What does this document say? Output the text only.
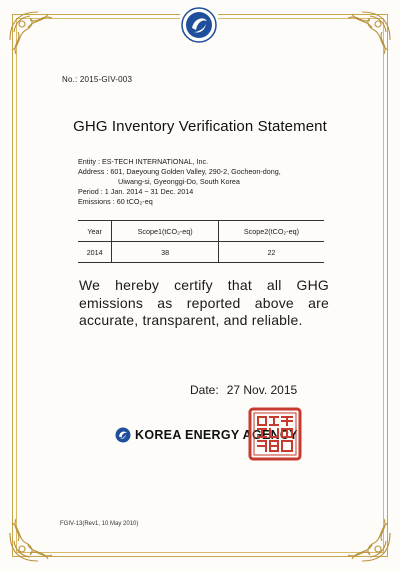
No.: 2015-GIV-003
GHG Inventory Verification Statement
Entity : ES-TECH INTERNATIONAL, Inc.
Address : 601, Daeyoung Golden Valley, 290-2, Gocheon-dong,
Uiwang-si, Gyeonggi-Do, South Korea
Period : 1 Jan. 2014 ~ 31 Dec. 2014
Emissions : 60 tCO₂-eq
Year	Scope1(tCO₂-eq)	Scope2(tCO₂-eq)
2014	38	22
We hereby certify that all GHG emissions as reported above are accurate, transparent, and reliable.
Date: 27 Nov. 2015
KOREA ENERGY AGENCY
FGIV-13(Rev1, 10 May 2010)
